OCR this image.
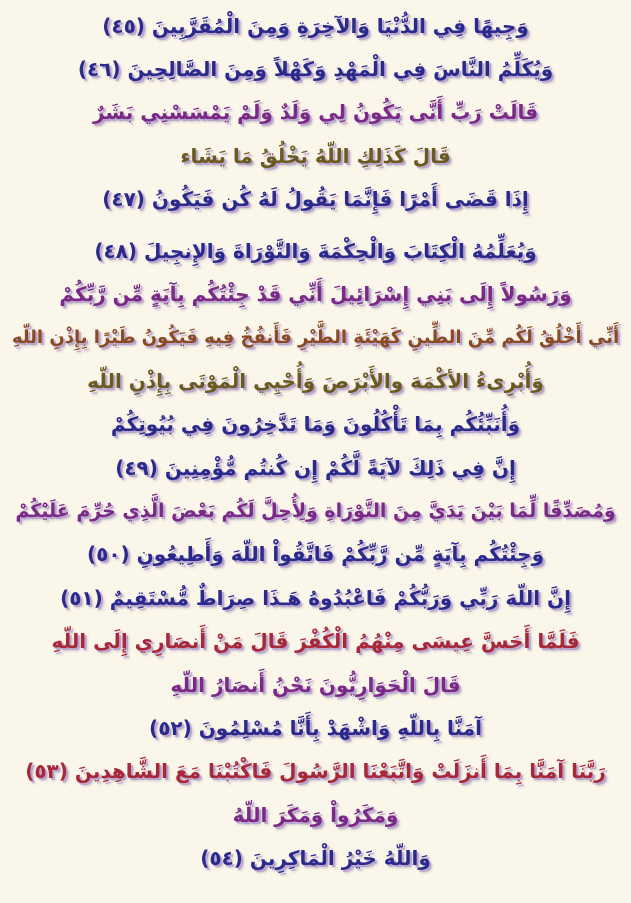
وَجِيهًا فِي الدُّنْيَا وَالآخِرَةِ وَمِنَ الْمُقَرَّبِينَ (٤٥)
وَيُكَلِّمُ النَّاسَ فِي الْمَهْدِ وَكَهْلاً وَمِنَ الصَّالِحِينَ (٤٦)
قَالَتْ رَبِّ أَنَّى يَكُونُ لِي وَلَدٌ وَلَمْ يَمْسَسْنِي بَشَرٌ
قَالَ كَذَلِكِ اللّهُ يَخْلُقُ مَا يَشَاء
إِذَا قَضَى أَمْرًا فَإِنَّمَا يَقُولُ لَهُ كُن فَيَكُونُ (٤٧)
وَيُعَلِّمُهُ الْكِتَابَ وَالْحِكْمَةَ وَالتَّوْرَاةَ وَالإِنجِيلَ (٤٨)
وَرَسُولاً إِلَى بَنِي إِسْرَائِيلَ أَنِّي قَدْ جِئْتُكُم بِآيَةٍ مِّن رَّبِّكُمْ
أَنِّي أَخْلُقُ لَكُم مِّنَ الطِّينِ كَهَيْئَةِ الطَّيْرِ فَأَنفُخُ فِيهِ فَيَكُونُ طَيْرًا بِإِذْنِ اللّهِ
وَأُبْرِىءُ الأكْمَهَ والأَبْرَصَ وَأُحْيِي الْمَوْتَى بِإِذْنِ اللّهِ
وَأُنَبِّئُكُم بِمَا تَأْكُلُونَ وَمَا تَدَّخِرُونَ فِي بُيُوتِكُمْ
إِنَّ فِي ذَلِكَ لآيَةً لَّكُمْ إِن كُنتُم مُّؤْمِنِينَ (٤٩)
وَمُصَدِّقًا لِّمَا بَيْنَ يَدَيَّ مِنَ التَّوْرَاةِ وَلِأُحِلَّ لَكُم بَعْضَ الَّذِي حُرِّمَ عَلَيْكُمْ
وَجِئْتُكُم بِآيَةٍ مِّن رَّبِّكُمْ فَاتَّقُواْ اللّهَ وَأَطِيعُونِ (٥٠)
إِنَّ اللّهَ رَبِّي وَرَبُّكُمْ فَاعْبُدُوهُ هَـذَا صِرَاطٌ مُّسْتَقِيمٌ (٥١)
فَلَمَّا أَحَسَّ عِيسَى مِنْهُمُ الْكُفْرَ قَالَ مَنْ أَنصَارِي إِلَى اللّهِ
قَالَ الْحَوَارِيُّونَ نَحْنُ أَنصَارُ اللّهِ
آمَنَّا بِاللّهِ وَاشْهَدْ بِأَنَّا مُسْلِمُونَ (٥٢)
رَبَّنَا آمَنَّا بِمَا أَنزَلَتْ وَاتَّبَعْنَا الرَّسُولَ فَاكْتُبْنَا مَعَ الشَّاهِدِينَ (٥٣)
وَمَكَرُواْ وَمَكَرَ اللّهُ
وَاللّهُ خَيْرُ الْمَاكِرِينَ (٥٤)
